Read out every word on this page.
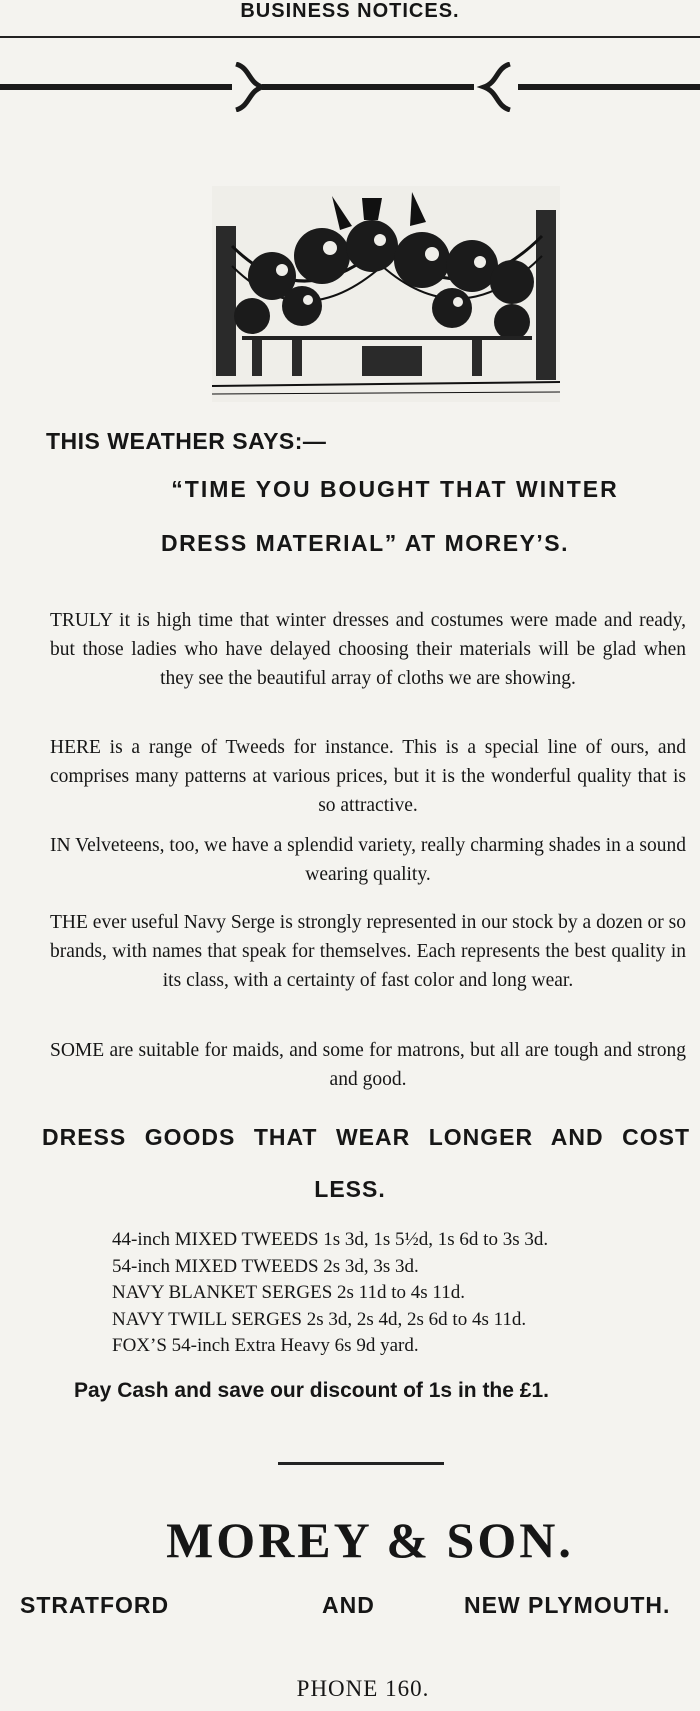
BUSINESS NOTICES.
THIS WEATHER SAYS:—
“TIME YOU BOUGHT THAT WINTER
DRESS MATERIAL” AT MOREY’S.
TRULY it is high time that winter dresses and costumes were made and ready, but those ladies who have delayed choosing their materials will be glad when they see the beautiful array of cloths we are showing.
HERE is a range of Tweeds for instance. This is a special line of ours, and comprises many patterns at various prices, but it is the wonderful quality that is so attractive.
IN Velveteens, too, we have a splendid variety, really charming shades in a sound wearing quality.
THE ever useful Navy Serge is strongly represented in our stock by a dozen or so brands, with names that speak for themselves. Each represents the best quality in its class, with a certainty of fast color and long wear.
SOME are suitable for maids, and some for matrons, but all are tough and strong and good.
DRESS GOODS THAT WEAR LONGER AND COST
LESS.
44-inch MIXED TWEEDS 1s 3d, 1s 5½d, 1s 6d to 3s 3d.
54-inch MIXED TWEEDS 2s 3d, 3s 3d.
NAVY BLANKET SERGES 2s 11d to 4s 11d.
NAVY TWILL SERGES 2s 3d, 2s 4d, 2s 6d to 4s 11d.
FOX’S 54-inch Extra Heavy 6s 9d yard.
Pay Cash and save our discount of 1s in the £1.
MOREY & SON.
STRATFORD	AND	NEW PLYMOUTH.
PHONE 160.
